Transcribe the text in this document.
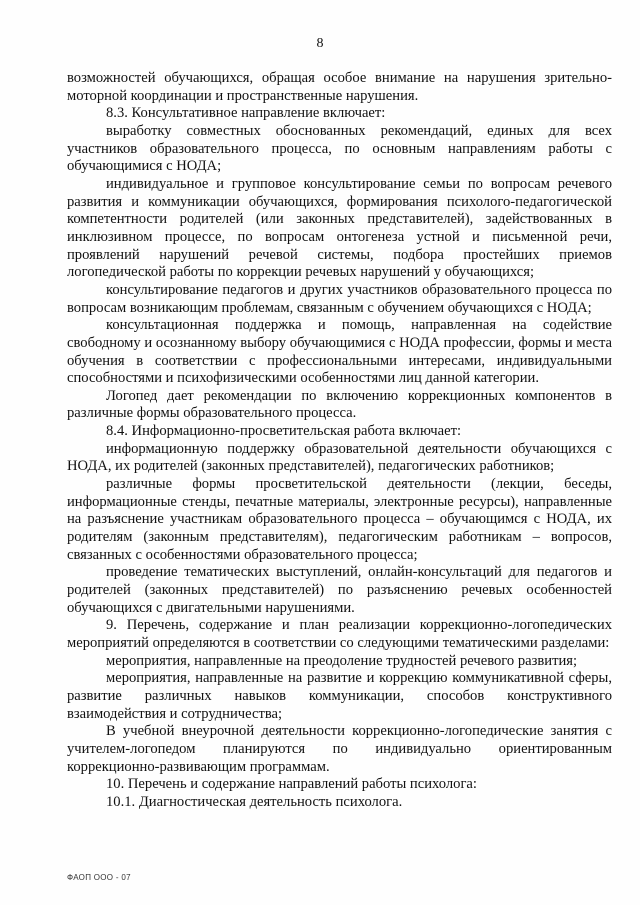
8

возможностей обучающихся, обращая особое внимание на нарушения зрительно-моторной координации и пространственные нарушения.

8.3. Консультативное направление включает:

выработку совместных обоснованных рекомендаций, единых для всех участников образовательного процесса, по основным направлениям работы с обучающимися с НОДА;

индивидуальное и групповое консультирование семьи по вопросам речевого развития и коммуникации обучающихся, формирования психолого-педагогической компетентности родителей (или законных представителей), задействованных в инклюзивном процессе, по вопросам онтогенеза устной и письменной речи, проявлений нарушений речевой системы, подбора простейших приемов логопедической работы по коррекции речевых нарушений у обучающихся;

консультирование педагогов и других участников образовательного процесса по вопросам возникающим проблемам, связанным с обучением обучающихся с НОДА;

консультационная поддержка и помощь, направленная на содействие свободному и осознанному выбору обучающимися с НОДА профессии, формы и места обучения в соответствии с профессиональными интересами, индивидуальными способностями и психофизическими особенностями лиц данной категории.

Логопед дает рекомендации по включению коррекционных компонентов в различные формы образовательного процесса.

8.4. Информационно-просветительская работа включает:

информационную поддержку образовательной деятельности обучающихся с НОДА, их родителей (законных представителей), педагогических работников;

различные формы просветительской деятельности (лекции, беседы, информационные стенды, печатные материалы, электронные ресурсы), направленные на разъяснение участникам образовательного процесса – обучающимся с НОДА, их родителям (законным представителям), педагогическим работникам – вопросов, связанных с особенностями образовательного процесса;

проведение тематических выступлений, онлайн-консультаций для педагогов и родителей (законных представителей) по разъяснению речевых особенностей обучающихся с двигательными нарушениями.

9. Перечень, содержание и план реализации коррекционно-логопедических мероприятий определяются в соответствии со следующими тематическими разделами:

мероприятия, направленные на преодоление трудностей речевого развития;

мероприятия, направленные на развитие и коррекцию коммуникативной сферы, развитие различных навыков коммуникации, способов конструктивного взаимодействия и сотрудничества;

В учебной внеурочной деятельности коррекционно-логопедические занятия с учителем-логопедом планируются по индивидуально ориентированным коррекционно-развивающим программам.

10. Перечень и содержание направлений работы психолога:

10.1. Диагностическая деятельность психолога.

ФАОП ООО - 07
